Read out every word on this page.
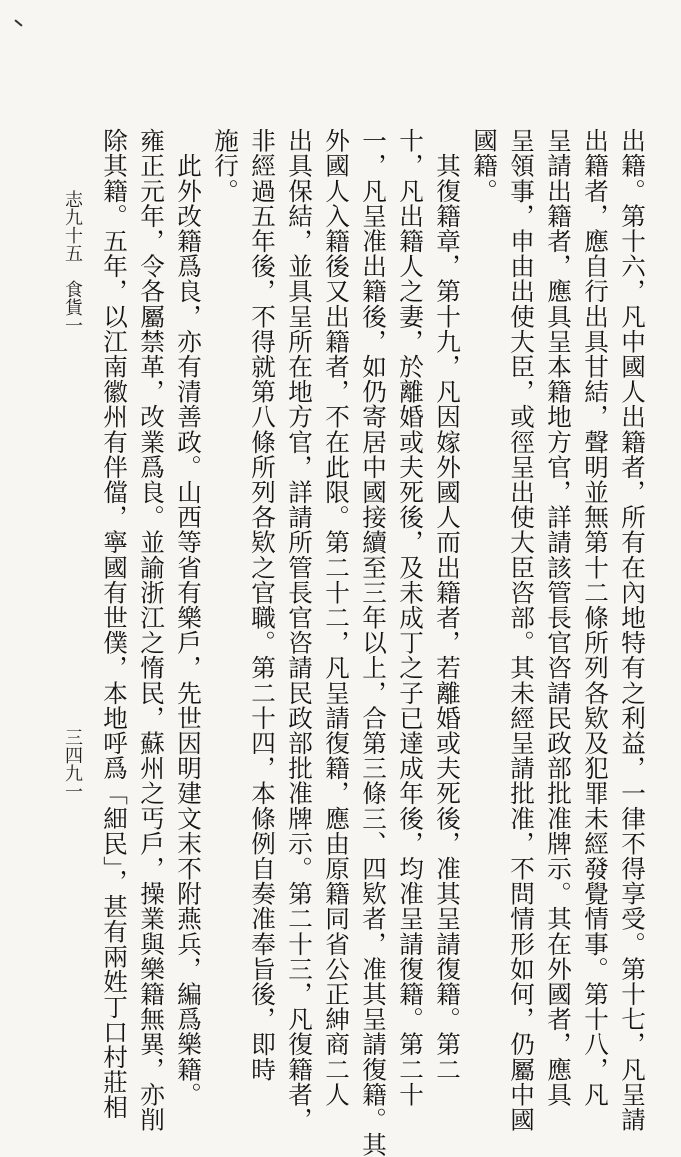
出籍。第十六，凡中國人出籍者，所有在內地特有之利益，一律不得享受。第十七，凡呈請
出籍者，應自行出具甘結，聲明並無第十二條所列各欵及犯罪未經發覺情事。第十八，凡
呈請出籍者，應具呈本籍地方官，詳請該管長官咨請民政部批准牌示。其在外國者，應具
呈領事，申由出使大臣，或徑呈出使大臣咨部。其未經呈請批准，不問情形如何，仍屬中國
國籍。
　其復籍章，第十九，凡因嫁外國人而出籍者，若離婚或夫死後，准其呈請復籍。第二
十，凡出籍人之妻，於離婚或夫死後，及未成丁之子已達成年後，均准呈請復籍。第二十
一，凡呈准出籍後，如仍寄居中國接續至三年以上，合第三條三、四欵者，准其呈請復籍。其
外國人入籍後又出籍者，不在此限。第二十二，凡呈請復籍，應由原籍同省公正紳商二人
出具保結，並具呈所在地方官，詳請所管長官咨請民政部批准牌示。第二十三，凡復籍者，
非經過五年後，不得就第八條所列各欵之官職。第二十四，本條例自奏准奉旨後，即時
施行。
　此外改籍爲良，亦有清善政。山西等省有樂戶，先世因明建文末不附燕兵，編爲樂籍。
雍正元年，令各屬禁革，改業爲良。並諭浙江之惰民，蘇州之丐戶，操業與樂籍無異，亦削
除其籍。五年，以江南徽州有伴儅，寧國有世僕，本地呼爲「細民」，甚有兩姓丁口村莊相
志九十五　食貨一
三四九一
